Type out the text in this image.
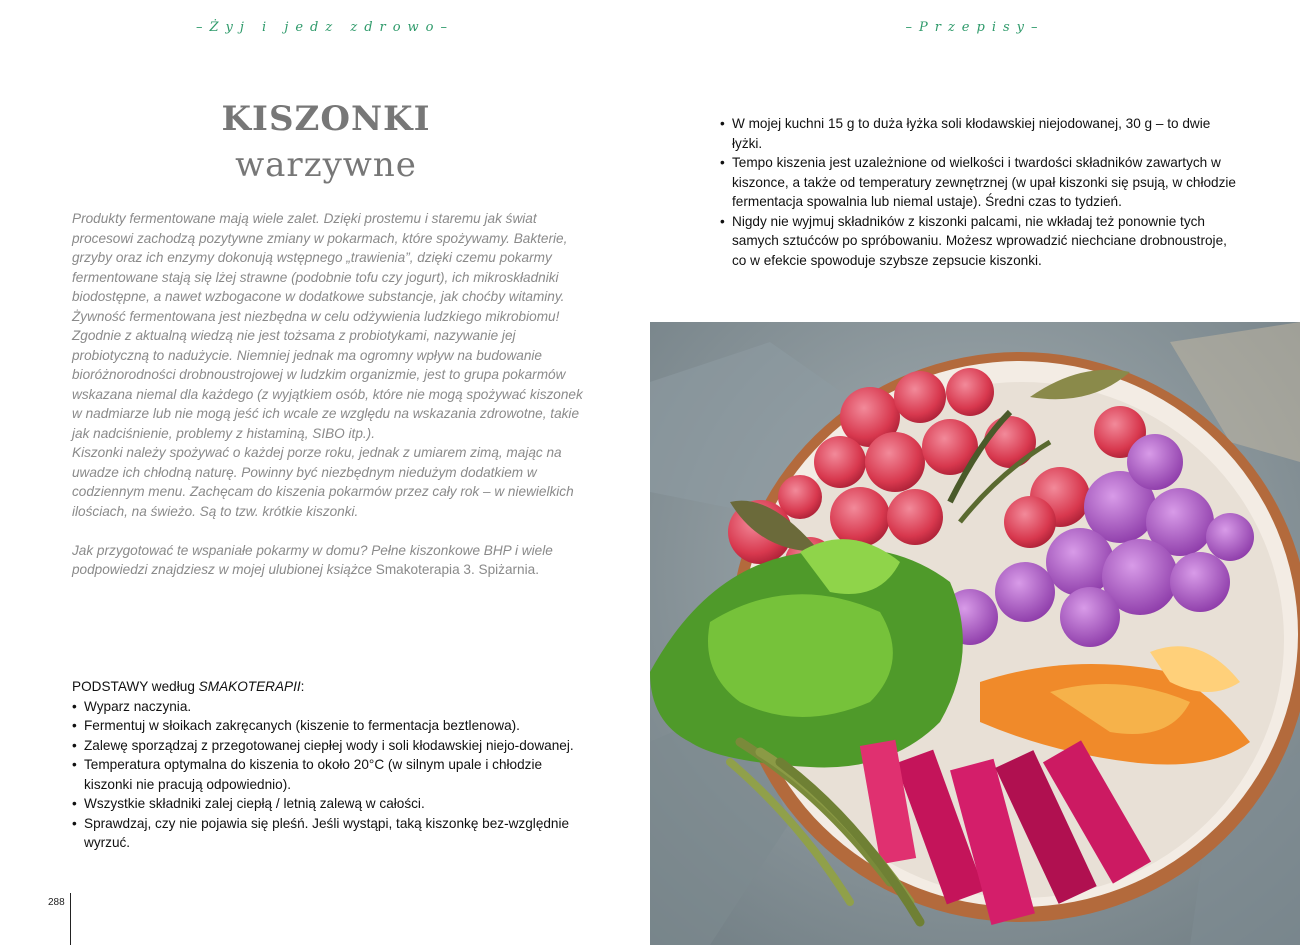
–Żyj i jedz zdrowo–
KISZONKI
warzywne

Produkty fermentowane mają wiele zalet. Dzięki prostemu i staremu jak świat procesowi zachodzą pozytywne zmiany w pokarmach, które spożywamy. Bakterie, grzyby oraz ich enzymy dokonują wstępnego „trawienia”, dzięki czemu pokarmy fermentowane stają się lżej strawne (podobnie tofu czy jogurt), ich mikroskładniki biodostępne, a nawet wzbogacone w dodatkowe substancje, jak choćby witaminy. Żywność fermentowana jest niezbędna w celu odżywienia ludzkiego mikrobiomu! Zgodnie z aktualną wiedzą nie jest tożsama z probiotykami, nazywanie jej probiotyczną to nadużycie. Niemniej jednak ma ogromny wpływ na budowanie bioróżnorodności drobnoustrojowej w ludzkim organizmie, jest to grupa pokarmów wskazana niemal dla każdego (z wyjątkiem osób, które nie mogą spożywać kiszonek w nadmiarze lub nie mogą jeść ich wcale ze względu na wskazania zdrowotne, takie jak nadciśnienie, problemy z histaminą, SIBO itp.).

Kiszonki należy spożywać o każdej porze roku, jednak z umiarem zimą, mając na uwadze ich chłodną naturę. Powinny być niezbędnym niedużym dodatkiem w codziennym menu. Zachęcam do kiszenia pokarmów przez cały rok – w niewielkich ilościach, na świeżo. Są to tzw. krótkie kiszonki.

Jak przygotować te wspaniałe pokarmy w domu? Pełne kiszonkowe BHP i wiele podpowiedzi znajdziesz w mojej ulubionej książce Smakoterapia 3. Spiżarnia.

PODSTAWY według SMAKOTERAPII:
• Wyparz naczynia.
• Fermentuj w słoikach zakręcanych (kiszenie to fermentacja beztlenowa).
• Zalewę sporządzaj z przegotowanej ciepłej wody i soli kłodawskiej niejo-dowanej.
• Temperatura optymalna do kiszenia to około 20°C (w silnym upale i chłodzie kiszonki nie pracują odpowiednio).
• Wszystkie składniki zalej ciepłą / letnią zalewą w całości.
• Sprawdzaj, czy nie pojawia się pleśń. Jeśli wystąpi, taką kiszonkę bez-względnie wyrzuć.
288
–Przepisy–
• W mojej kuchni 15 g to duża łyżka soli kłodawskiej niejodowanej, 30 g – to dwie łyżki.
• Tempo kiszenia jest uzależnione od wielkości i twardości składników zawartych w kiszonce, a także od temperatury zewnętrznej (w upał kiszonki się psują, w chłodzie fermentacja spowalnia lub niemal ustaje). Średni czas to tydzień.
• Nigdy nie wyjmuj składników z kiszonki palcami, nie wkładaj też ponownie tych samych sztućców po spróbowaniu. Możesz wprowadzić niechciane drobnoustroje, co w efekcie spowoduje szybsze zepsucie kiszonki.
